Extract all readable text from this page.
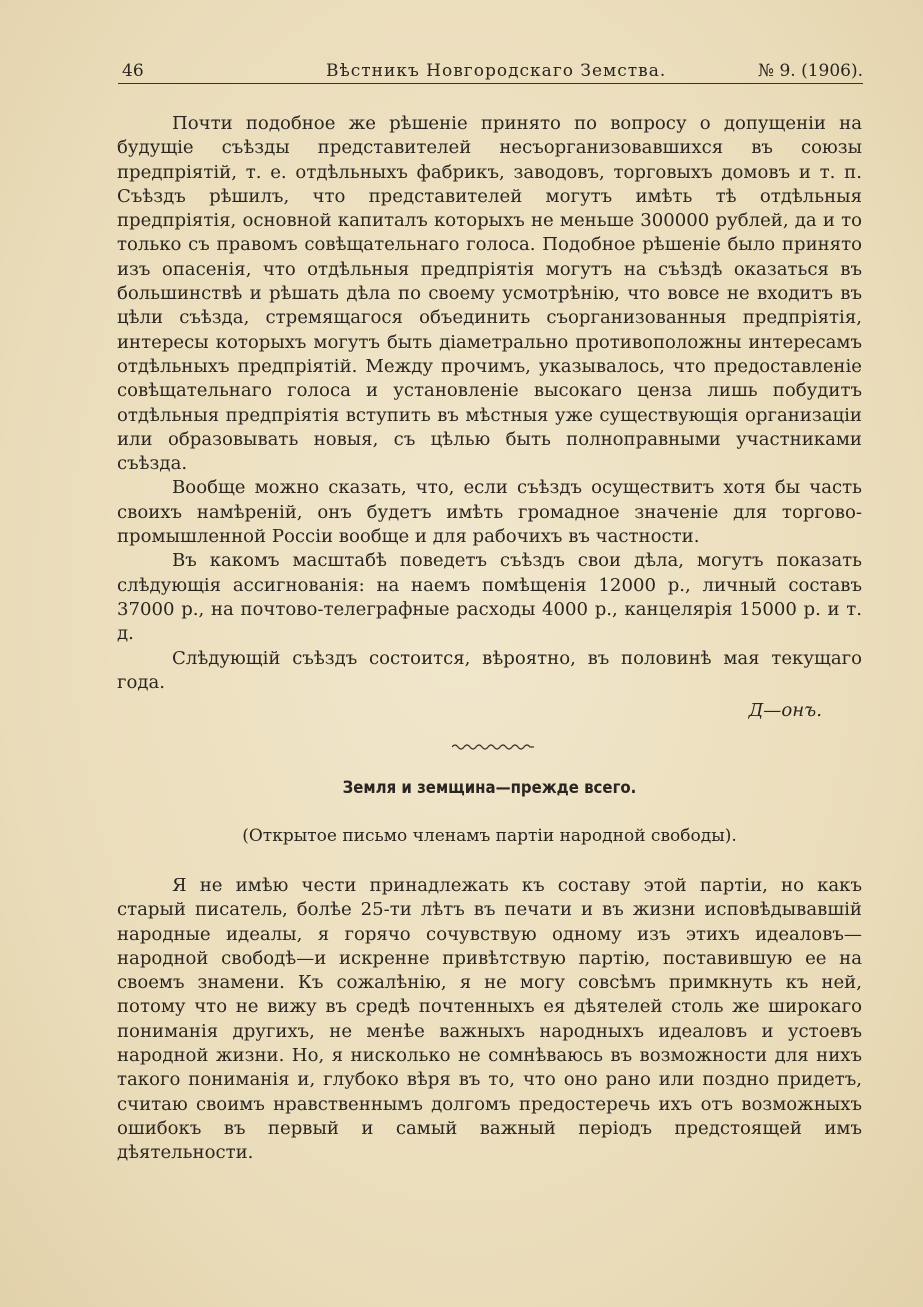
46	Вѣстникъ Новгородскаго Земства.	№ 9. (1906).

Почти подобное же рѣшеніе принято по вопросу о допущеніи на будущіе съѣзды представителей несъорганизовавшихся въ союзы предпріятій, т. е. отдѣльныхъ фабрикъ, заводовъ, торговыхъ домовъ и т. п. Съѣздъ рѣшилъ, что представителей могутъ имѣть тѣ отдѣльныя предпріятія, основной капиталъ которыхъ не меньше 300000 рублей, да и то только съ правомъ совѣщательнаго голоса. Подобное рѣшеніе было принято изъ опасенія, что отдѣльныя предпріятія могутъ на съѣздѣ оказаться въ большинствѣ и рѣшать дѣла по своему усмотрѣнію, что вовсе не входитъ въ цѣли съѣзда, стремящагося объединить съорганизованныя предпріятія, интересы которыхъ могутъ быть діаметрально противоположны интересамъ отдѣльныхъ предпріятій. Между прочимъ, указывалось, что предоставленіе совѣщательнаго голоса и установленіе высокаго ценза лишь побудитъ отдѣльныя предпріятія вступить въ мѣстныя уже существующія организаціи или образовывать новыя, съ цѣлью быть полноправными участниками съѣзда.

Вообще можно сказать, что, если съѣздъ осуществитъ хотя бы часть своихъ намѣреній, онъ будетъ имѣть громадное значеніе для торгово-промышленной Россіи вообще и для рабочихъ въ частности.

Въ какомъ масштабѣ поведетъ съѣздъ свои дѣла, могутъ показать слѣдующія ассигнованія: на наемъ помѣщенія 12000 р., личный составъ 37000 р., на почтово-телеграфные расходы 4000 р., канцелярія 15000 р. и т. д.

Слѣдующій съѣздъ состоится, вѣроятно, въ половинѣ мая текущаго года.

Д—онъ.

Земля и земщина—прежде всего.
(Открытое письмо членамъ партіи народной свободы).

Я не имѣю чести принадлежать къ составу этой партіи, но какъ старый писатель, болѣе 25-ти лѣтъ въ печати и въ жизни исповѣдывавшій народные идеалы, я горячо сочувствую одному изъ этихъ идеаловъ—народной свободѣ—и искренне привѣтствую партію, поставившую ее на своемъ знамени. Къ сожалѣнію, я не могу совсѣмъ примкнуть къ ней, потому что не вижу въ средѣ почтенныхъ ея дѣятелей столь же широкаго пониманія другихъ, не менѣе важныхъ народныхъ идеаловъ и устоевъ народной жизни. Но, я нисколько не сомнѣваюсь въ возможности для нихъ такого пониманія и, глубоко вѣря въ то, что оно рано или поздно придетъ, считаю своимъ нравственнымъ долгомъ предостеречь ихъ отъ возможныхъ ошибокъ въ первый и самый важный періодъ предстоящей имъ дѣятельности.
